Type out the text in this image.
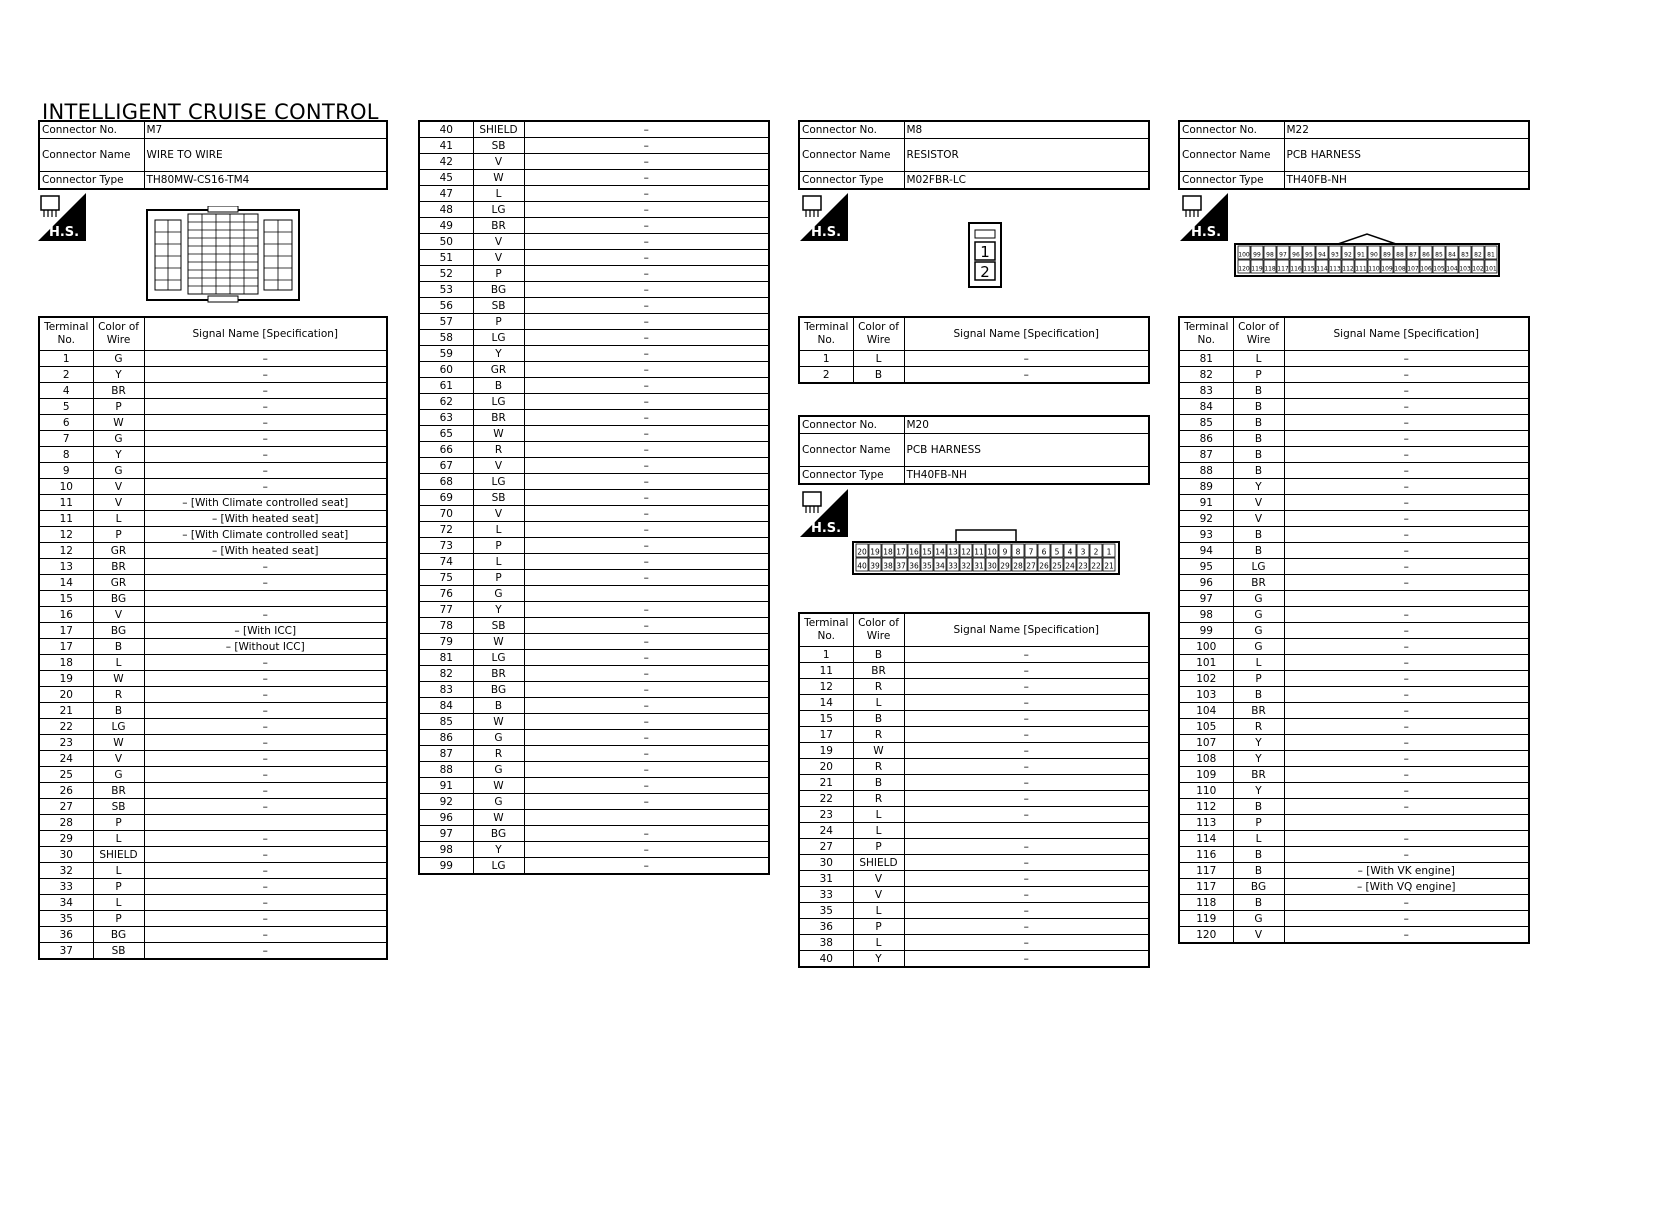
INTELLIGENT CRUISE CONTROL
Connector No.	M7
Connector Name	WIRE TO WIRE
Connector Type	TH80MW-CS16-TM4
H.S.
Terminal No.	Color of Wire	Signal Name [Specification]
1	G	–
2	Y	–
4	BR	–
5	P	–
6	W	–
7	G	–
8	Y	–
9	G	–
10	V	–
11	V	– [With Climate controlled seat]
11	L	– [With heated seat]
12	P	– [With Climate controlled seat]
12	GR	– [With heated seat]
13	BR	–
14	GR	–
15	BG	
16	V	–
17	BG	– [With ICC]
17	B	– [Without ICC]
18	L	–
19	W	–
20	R	–
21	B	–
22	LG	–
23	W	–
24	V	–
25	G	–
26	BR	–
27	SB	–
28	P	
29	L	–
30	SHIELD	–
32	L	–
33	P	–
34	L	–
35	P	–
36	BG	–
37	SB	–
40	SHIELD	–
41	SB	–
42	V	–
45	W	–
47	L	–
48	LG	–
49	BR	–
50	V	–
51	V	–
52	P	–
53	BG	–
56	SB	–
57	P	–
58	LG	–
59	Y	–
60	GR	–
61	B	–
62	LG	–
63	BR	–
65	W	–
66	R	–
67	V	–
68	LG	–
69	SB	–
70	V	–
72	L	–
73	P	–
74	L	–
75	P	–
76	G	
77	Y	–
78	SB	–
79	W	–
81	LG	–
82	BR	–
83	BG	–
84	B	–
85	W	–
86	G	–
87	R	–
88	G	–
91	W	–
92	G	–
96	W	
97	BG	–
98	Y	–
99	LG	–
Connector No.	M8
Connector Name	RESISTOR
Connector Type	M02FBR-LC
H.S.
1
2
Terminal No.	Color of Wire	Signal Name [Specification]
1	L	–
2	B	–
Connector No.	M20
Connector Name	PCB HARNESS
Connector Type	TH40FB-NH
H.S.
20 19 18 17 16 15 14 13 12 11 10 9 8 7 6 5 4 3 2 1
40 39 38 37 36 35 34 33 32 31 30 29 28 27 26 25 24 23 22 21
Terminal No.	Color of Wire	Signal Name [Specification]
1	B	–
11	BR	–
12	R	–
14	L	–
15	B	–
17	R	–
19	W	–
20	R	–
21	B	–
22	R	–
23	L	–
24	L	
27	P	–
30	SHIELD	–
31	V	–
33	V	–
35	L	–
36	P	–
38	L	–
40	Y	–
Connector No.	M22
Connector Name	PCB HARNESS
Connector Type	TH40FB-NH
H.S.
100 99 98 97 96 95 94 93 92 91 90 89 88 87 86 85 84 83 82 81
120 119 118 117 116 115 114 113 112 111 110 109 108 107 106 105 104 103 102 101
Terminal No.	Color of Wire	Signal Name [Specification]
81	L	–
82	P	–
83	B	–
84	B	–
85	B	–
86	B	–
87	B	–
88	B	–
89	Y	–
91	V	–
92	V	–
93	B	–
94	B	–
95	LG	–
96	BR	–
97	G	
98	G	–
99	G	–
100	G	–
101	L	–
102	P	–
103	B	–
104	BR	–
105	R	–
107	Y	–
108	Y	–
109	BR	–
110	Y	–
112	B	–
113	P	
114	L	–
116	B	–
117	B	– [With VK engine]
117	BG	– [With VQ engine]
118	B	–
119	G	–
120	V	–
